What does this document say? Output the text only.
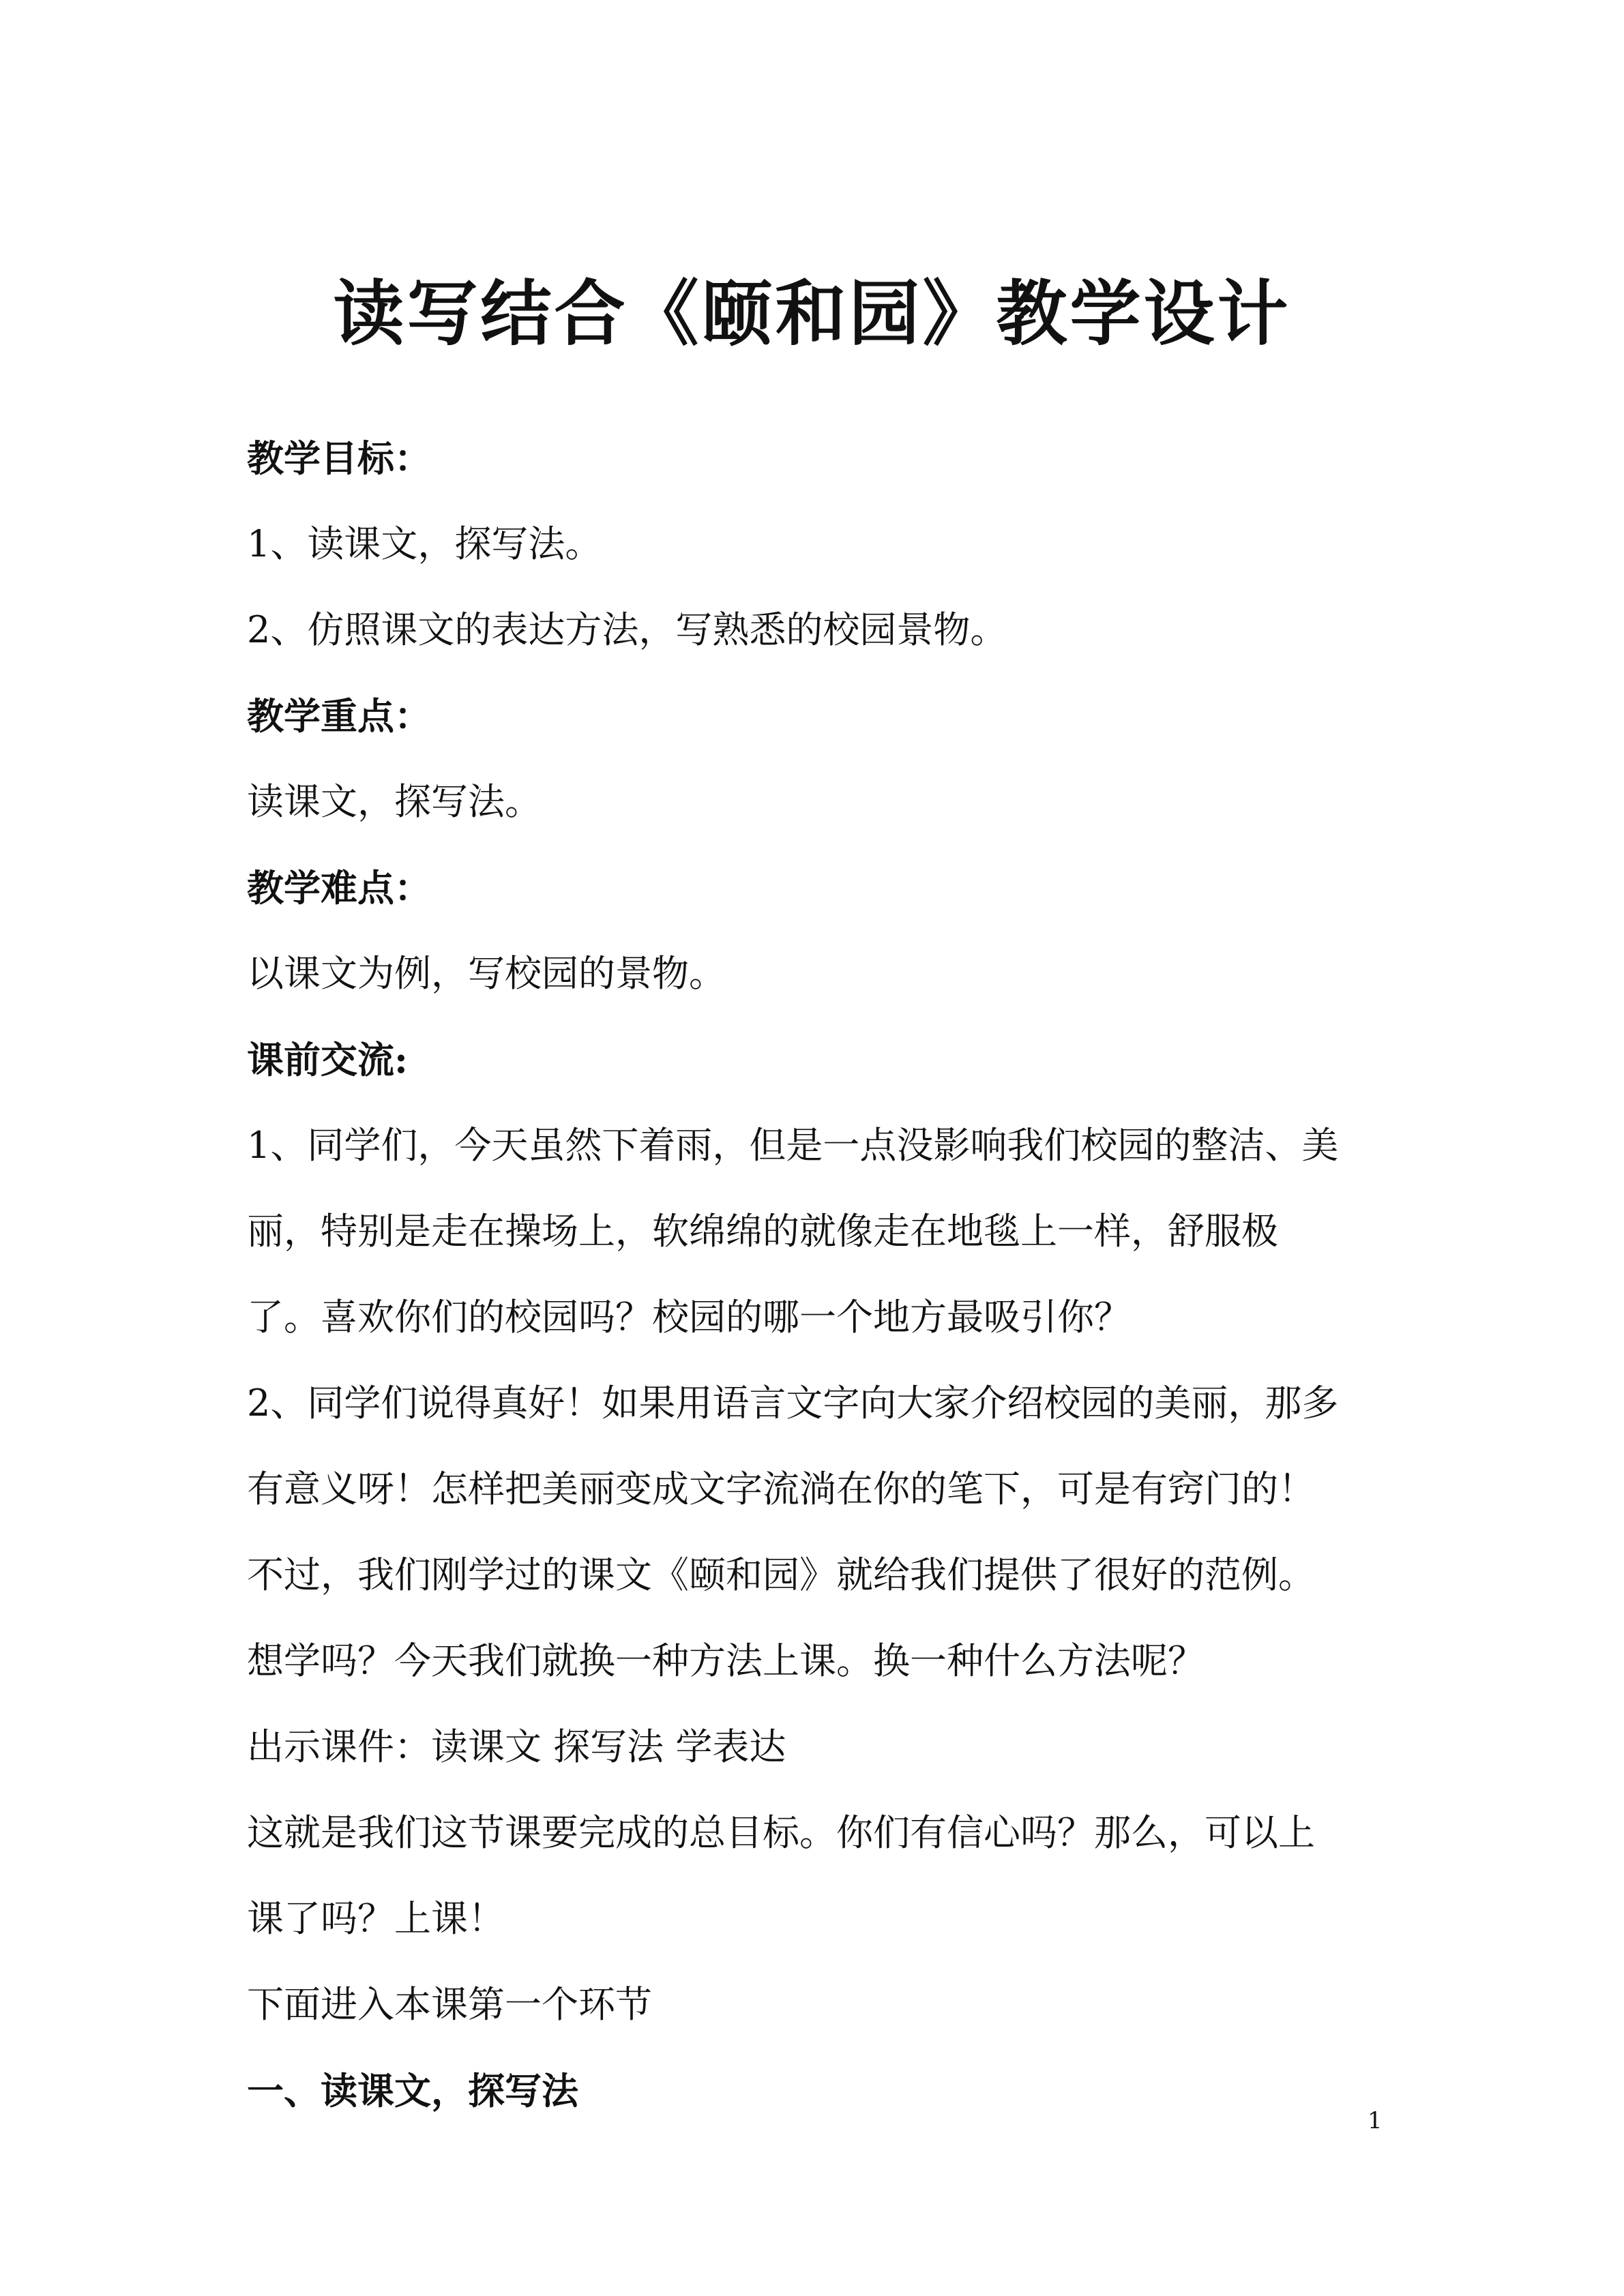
读写结合《颐和园》教学设计
教学目标：
1、读课文，探写法。
2、仿照课文的表达方法，写熟悉的校园景物。
教学重点：
读课文，探写法。
教学难点：
以课文为例，写校园的景物。
课前交流:
1、同学们，今天虽然下着雨，但是一点没影响我们校园的整洁、美
丽，特别是走在操场上，软绵绵的就像走在地毯上一样，舒服极
了。喜欢你们的校园吗？校园的哪一个地方最吸引你？
2、同学们说得真好！如果用语言文字向大家介绍校园的美丽，那多
有意义呀！怎样把美丽变成文字流淌在你的笔下，可是有窍门的！
不过，我们刚学过的课文《颐和园》就给我们提供了很好的范例。
想学吗？今天我们就换一种方法上课。换一种什么方法呢？
出示课件：读课文 探写法 学表达
这就是我们这节课要完成的总目标。你们有信心吗？那么，可以上
课了吗？上课！
下面进入本课第一个环节
一、读课文，探写法
1
